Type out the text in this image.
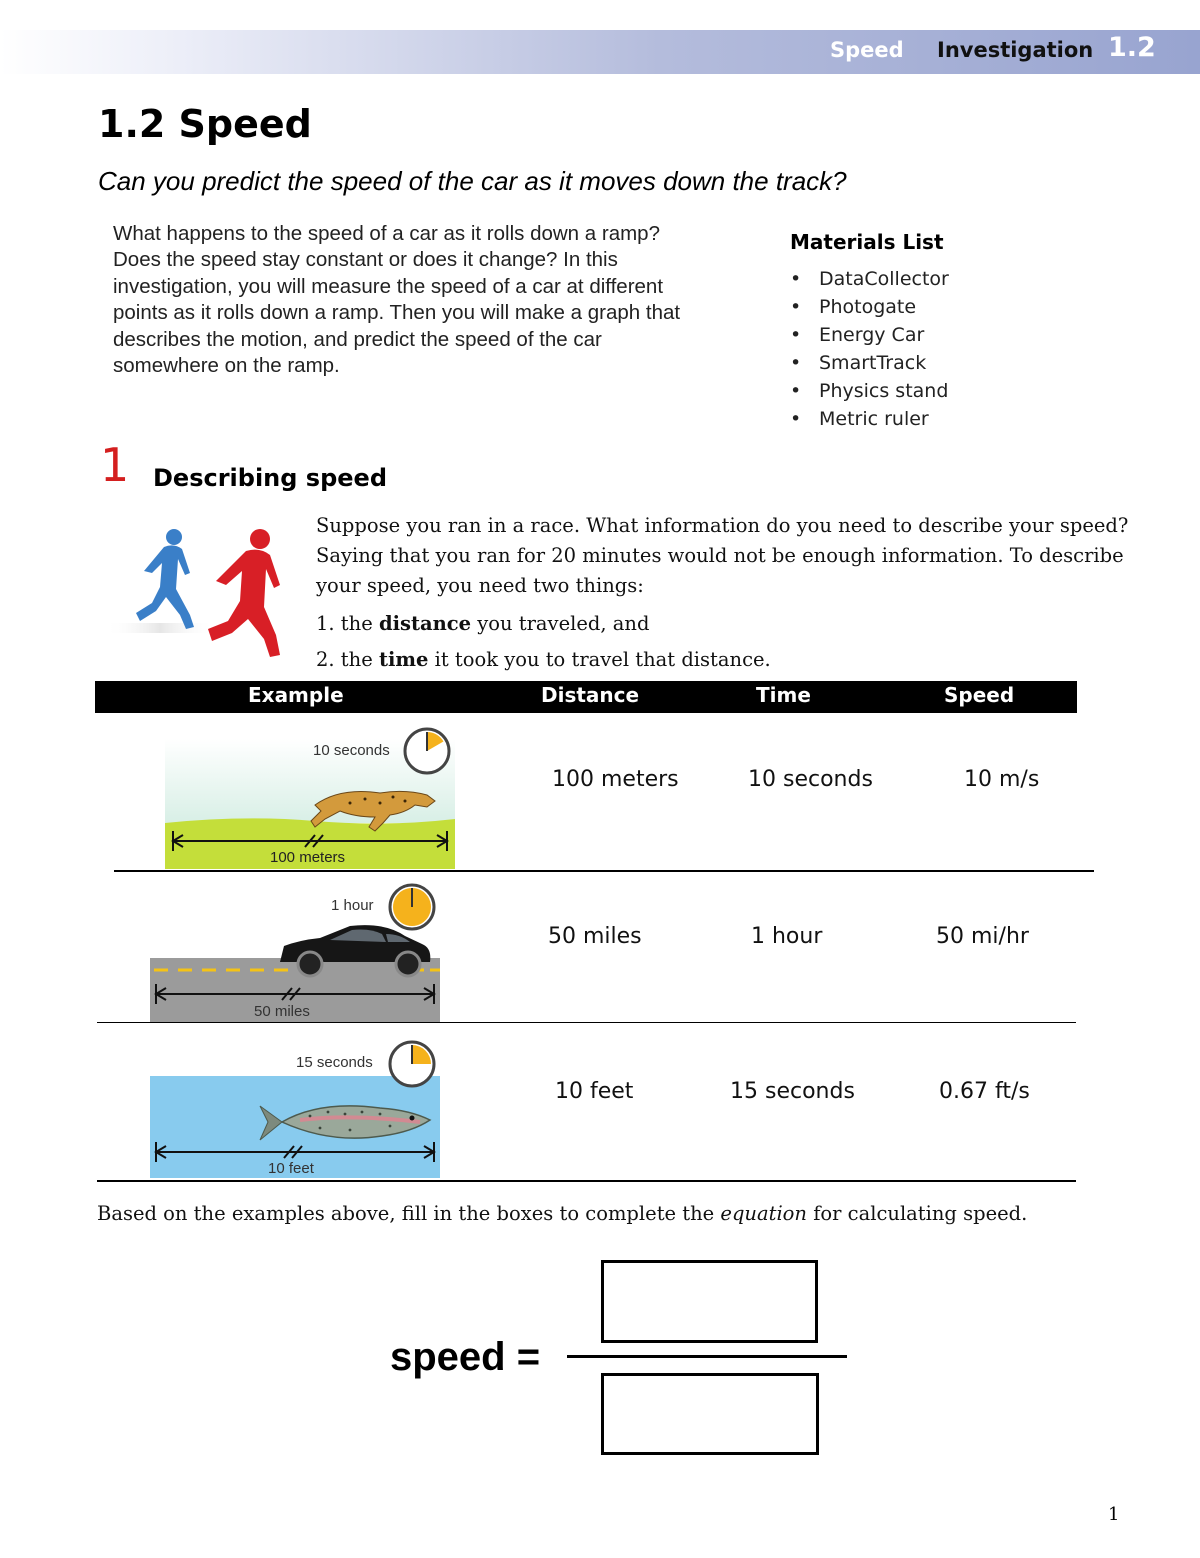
Speed Investigation 1.2
1.2 Speed
Can you predict the speed of the car as it moves down the track?

What happens to the speed of a car as it rolls down a ramp? Does the speed stay constant or does it change? In this investigation, you will measure the speed of a car at different points as it rolls down a ramp. Then you will make a graph that describes the motion, and predict the speed of the car somewhere on the ramp.

Materials List
• DataCollector
• Photogate
• Energy Car
• SmartTrack
• Physics stand
• Metric ruler
1 Describing speed

Suppose you ran in a race. What information do you need to describe your speed? Saying that you ran for 20 minutes would not be enough information. To describe your speed, you need two things:

1. the distance you traveled, and

2. the time it took you to travel that distance.

Example	Distance	Time	Speed
10 seconds
100 meters
100 meters	10 seconds	10 m/s
1 hour
50 miles
50 miles	1 hour	50 mi/hr
15 seconds
10 feet
10 feet	15 seconds	0.67 ft/s

Based on the examples above, fill in the boxes to complete the equation for calculating speed.

speed =
1
